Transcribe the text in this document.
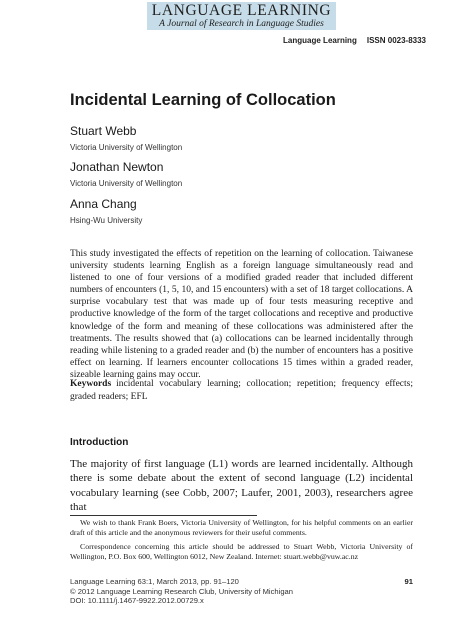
LANGUAGE LEARNING
A Journal of Research in Language Studies
Language Learning ISSN 0023-8333
Incidental Learning of Collocation
Stuart Webb
Victoria University of Wellington
Jonathan Newton
Victoria University of Wellington
Anna Chang
Hsing-Wu University

This study investigated the effects of repetition on the learning of collocation. Taiwanese university students learning English as a foreign language simultaneously read and listened to one of four versions of a modified graded reader that included different numbers of encounters (1, 5, 10, and 15 encounters) with a set of 18 target collocations. A surprise vocabulary test that was made up of four tests measuring receptive and productive knowledge of the form of the target collocations and receptive and productive knowledge of the form and meaning of these collocations was administered after the treatments. The results showed that (a) collocations can be learned incidentally through reading while listening to a graded reader and (b) the number of encounters has a positive effect on learning. If learners encounter collocations 15 times within a graded reader, sizeable learning gains may occur.

Keywords incidental vocabulary learning; collocation; repetition; frequency effects; graded readers; EFL

Introduction

The majority of first language (L1) words are learned incidentally. Although there is some debate about the extent of second language (L2) incidental vocabulary learning (see Cobb, 2007; Laufer, 2001, 2003), researchers agree that

We wish to thank Frank Boers, Victoria University of Wellington, for his helpful comments on an earlier draft of this article and the anonymous reviewers for their useful comments.

Correspondence concerning this article should be addressed to Stuart Webb, Victoria University of Wellington, P.O. Box 600, Wellington 6012, New Zealand. Internet: stuart.webb@vuw.ac.nz

Language Learning 63:1, March 2013, pp. 91–120
© 2012 Language Learning Research Club, University of Michigan
DOI: 10.1111/j.1467-9922.2012.00729.x
91
